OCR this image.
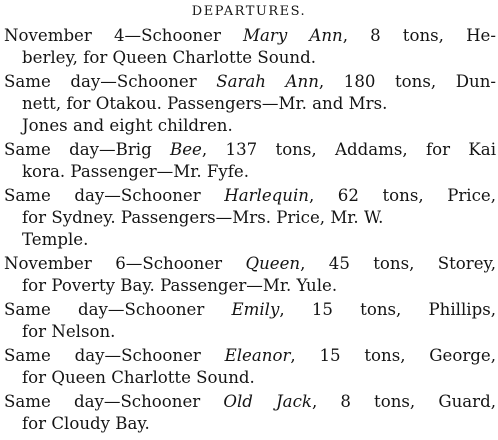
DEPARTURES.
November 4—Schooner Mary Ann, 8 tons, He-
berley, for Queen Charlotte Sound.
Same day—Schooner Sarah Ann, 180 tons, Dun-
nett, for Otakou. Passengers—Mr. and Mrs.
Jones and eight children.
Same day—Brig Bee, 137 tons, Addams, for Kai
kora. Passenger—Mr. Fyfe.
Same day—Schooner Harlequin, 62 tons, Price,
for Sydney. Passengers—Mrs. Price, Mr. W.
Temple.
November 6—Schooner Queen, 45 tons, Storey,
for Poverty Bay. Passenger—Mr. Yule.
Same day—Schooner Emily, 15 tons, Phillips,
for Nelson.
Same day—Schooner Eleanor, 15 tons, George,
for Queen Charlotte Sound.
Same day—Schooner Old Jack, 8 tons, Guard,
for Cloudy Bay.
